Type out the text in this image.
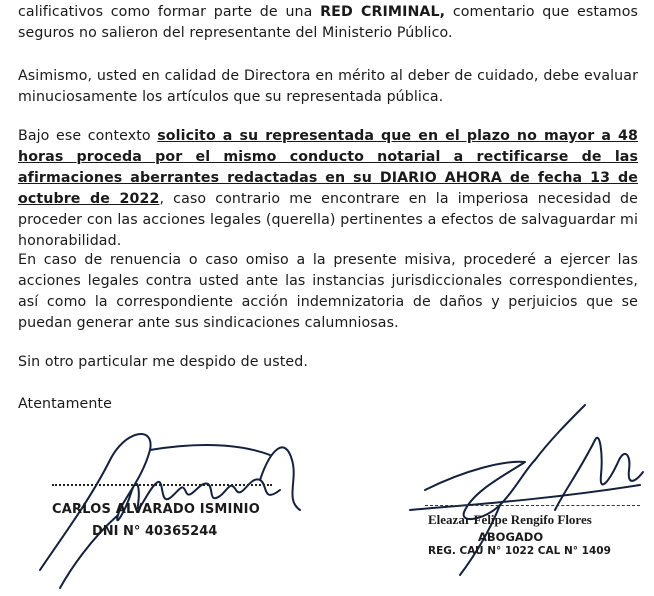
calificativos como formar parte de una RED CRIMINAL, comentario que estamos seguros no salieron del representante del Ministerio Público.
Asimismo, usted en calidad de Directora en mérito al deber de cuidado, debe evaluar minuciosamente los artículos que su representada pública.
Bajo ese contexto solicito a su representada que en el plazo no mayor a 48 horas proceda por el mismo conducto notarial a rectificarse de las afirmaciones aberrantes redactadas en su DIARIO AHORA de fecha 13 de octubre de 2022, caso contrario me encontrare en la imperiosa necesidad de proceder con las acciones legales (querella) pertinentes a efectos de salvaguardar mi honorabilidad.
En caso de renuencia o caso omiso a la presente misiva, procederé a ejercer las acciones legales contra usted ante las instancias jurisdiccionales correspondientes, así como la correspondiente acción indemnizatoria de daños y perjuicios que se puedan generar ante sus sindicaciones calumniosas.
Sin otro particular me despido de usted.
Atentamente
CARLOS ALVARADO ISMINIO
DNI N° 40365244
Eleazar Felipe Rengifo Flores
ABOGADO
REG. CAU N° 1022 CAL N° 1409
